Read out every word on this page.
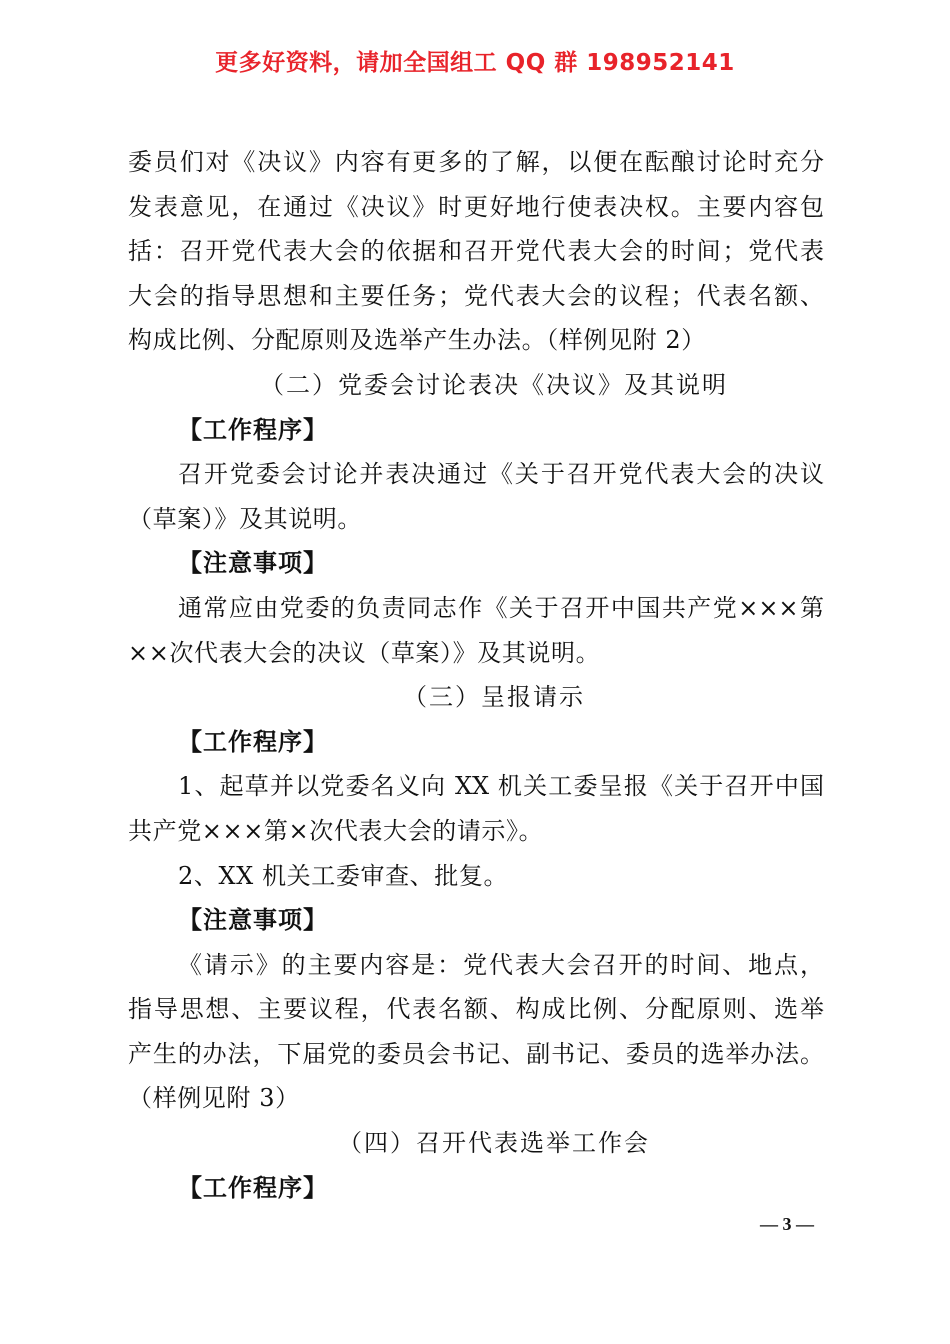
更多好资料，请加全国组工 QQ 群 198952141
委员们对《决议》内容有更多的了解，以便在酝酿讨论时充分
发表意见，在通过《决议》时更好地行使表决权。主要内容包
括：召开党代表大会的依据和召开党代表大会的时间；党代表
大会的指导思想和主要任务；党代表大会的议程；代表名额、
构成比例、分配原则及选举产生办法。（样例见附 2）
（二）党委会讨论表决《决议》及其说明
【工作程序】
召开党委会讨论并表决通过《关于召开党代表大会的决议
（草案）》及其说明。
【注意事项】
通常应由党委的负责同志作《关于召开中国共产党×××第
××次代表大会的决议（草案）》及其说明。
（三）呈报请示
【工作程序】
1、起草并以党委名义向 XX 机关工委呈报《关于召开中国
共产党×××第×次代表大会的请示》。
2、XX 机关工委审查、批复。
【注意事项】
《请示》的主要内容是：党代表大会召开的时间、地点，
指导思想、主要议程，代表名额、构成比例、分配原则、选举
产生的办法，下届党的委员会书记、副书记、委员的选举办法。
（样例见附 3）
（四）召开代表选举工作会
【工作程序】
— 3 —
